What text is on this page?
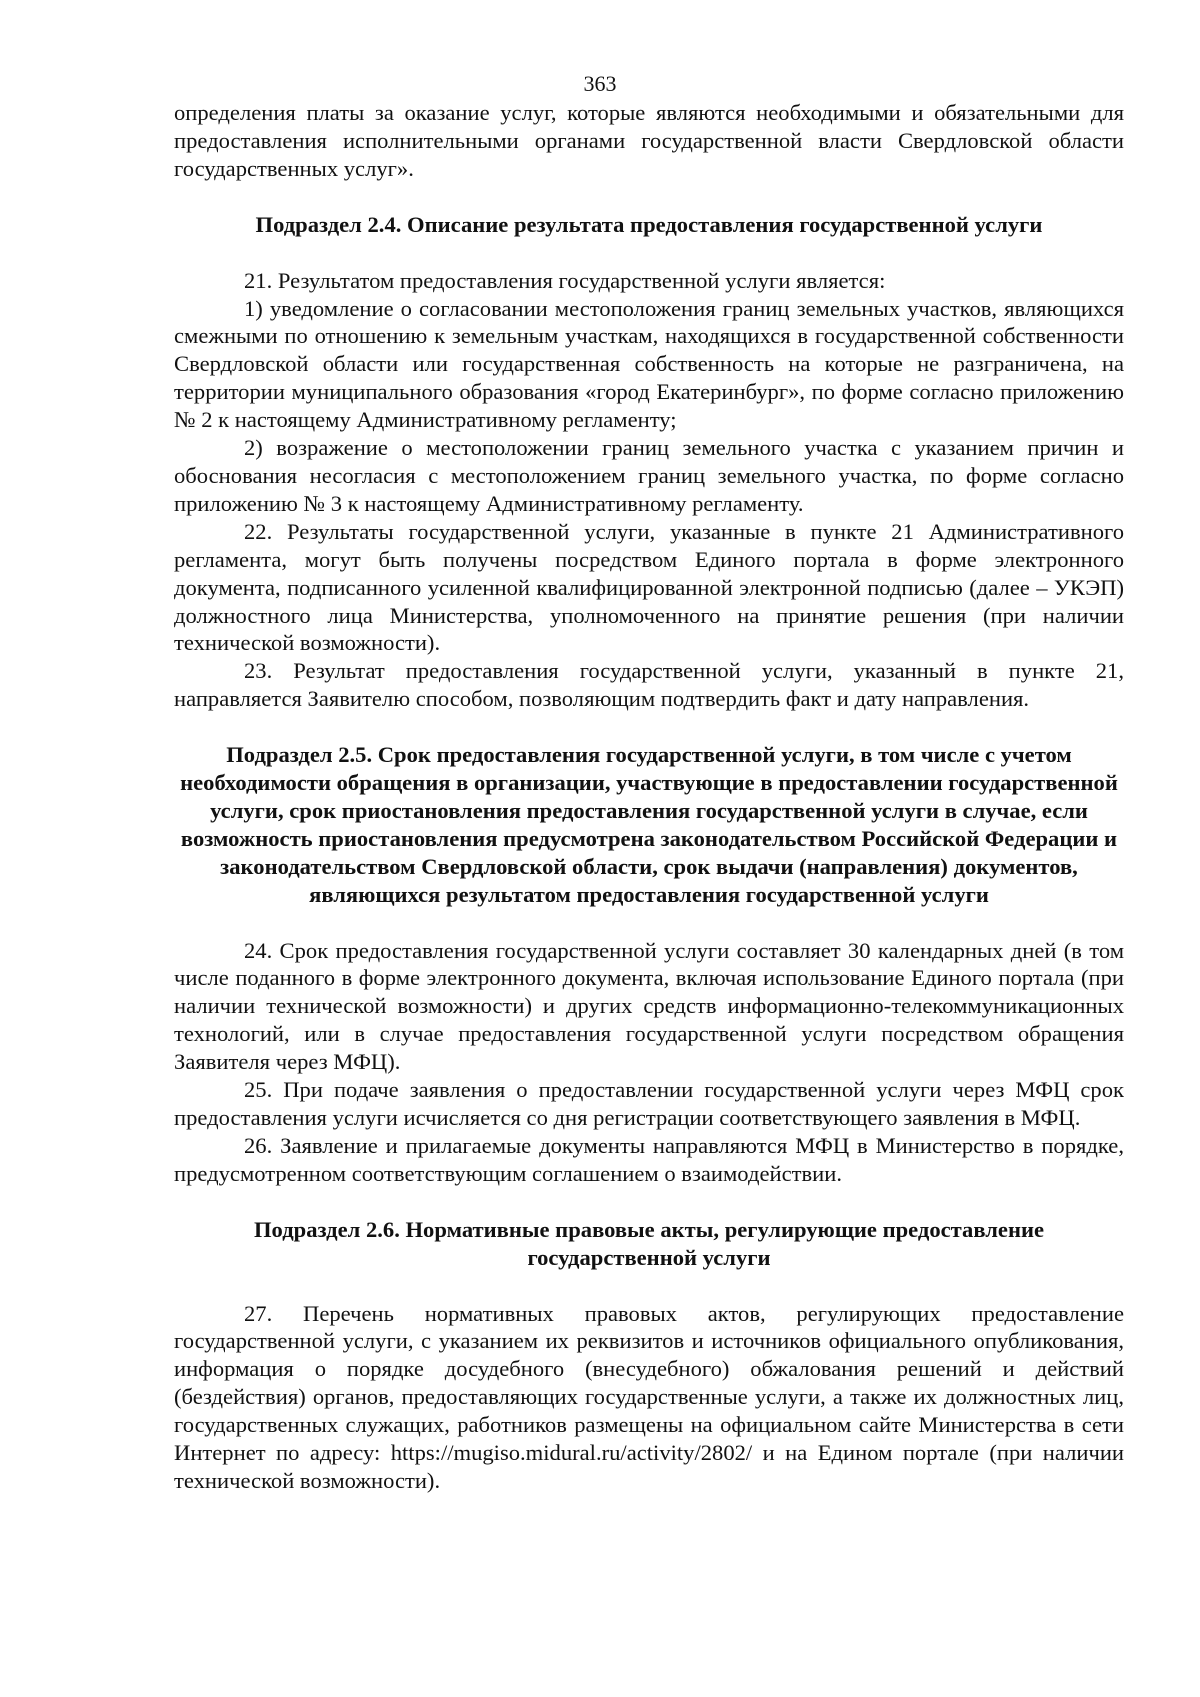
363

определения платы за оказание услуг, которые являются необходимыми и обязательными для предоставления исполнительными органами государственной власти Свердловской области государственных услуг».

Подраздел 2.4. Описание результата предоставления государственной услуги

21. Результатом предоставления государственной услуги является:

1) уведомление о согласовании местоположения границ земельных участков, являющихся смежными по отношению к земельным участкам, находящихся в государственной собственности Свердловской области или государственная собственность на которые не разграничена, на территории муниципального образования «город Екатеринбург», по форме согласно приложению № 2 к настоящему Административному регламенту;

2) возражение о местоположении границ земельного участка с указанием причин и обоснования несогласия с местоположением границ земельного участка, по форме согласно приложению № 3 к настоящему Административному регламенту.

22. Результаты государственной услуги, указанные в пункте 21 Административного регламента, могут быть получены посредством Единого портала в форме электронного документа, подписанного усиленной квалифицированной электронной подписью (далее – УКЭП) должностного лица Министерства, уполномоченного на принятие решения (при наличии технической возможности).

23. Результат предоставления государственной услуги, указанный в пункте 21, направляется Заявителю способом, позволяющим подтвердить факт и дату направления.

Подраздел 2.5. Срок предоставления государственной услуги, в том числе с учетом необходимости обращения в организации, участвующие в предоставлении государственной услуги, срок приостановления предоставления государственной услуги в случае, если возможность приостановления предусмотрена законодательством Российской Федерации и законодательством Свердловской области, срок выдачи (направления) документов, являющихся результатом предоставления государственной услуги

24. Срок предоставления государственной услуги составляет 30 календарных дней (в том числе поданного в форме электронного документа, включая использование Единого портала (при наличии технической возможности) и других средств информационно-телекоммуникационных технологий, или в случае предоставления государственной услуги посредством обращения Заявителя через МФЦ).

25. При подаче заявления о предоставлении государственной услуги через МФЦ срок предоставления услуги исчисляется со дня регистрации соответствующего заявления в МФЦ.

26. Заявление и прилагаемые документы направляются МФЦ в Министерство в порядке, предусмотренном соответствующим соглашением о взаимодействии.

Подраздел 2.6. Нормативные правовые акты, регулирующие предоставление государственной услуги

27. Перечень нормативных правовых актов, регулирующих предоставление государственной услуги, с указанием их реквизитов и источников официального опубликования, информация о порядке досудебного (внесудебного) обжалования решений и действий (бездействия) органов, предоставляющих государственные услуги, а также их должностных лиц, государственных служащих, работников размещены на официальном сайте Министерства в сети Интернет по адресу: https://mugiso.midural.ru/activity/2802/ и на Едином портале (при наличии технической возможности).
